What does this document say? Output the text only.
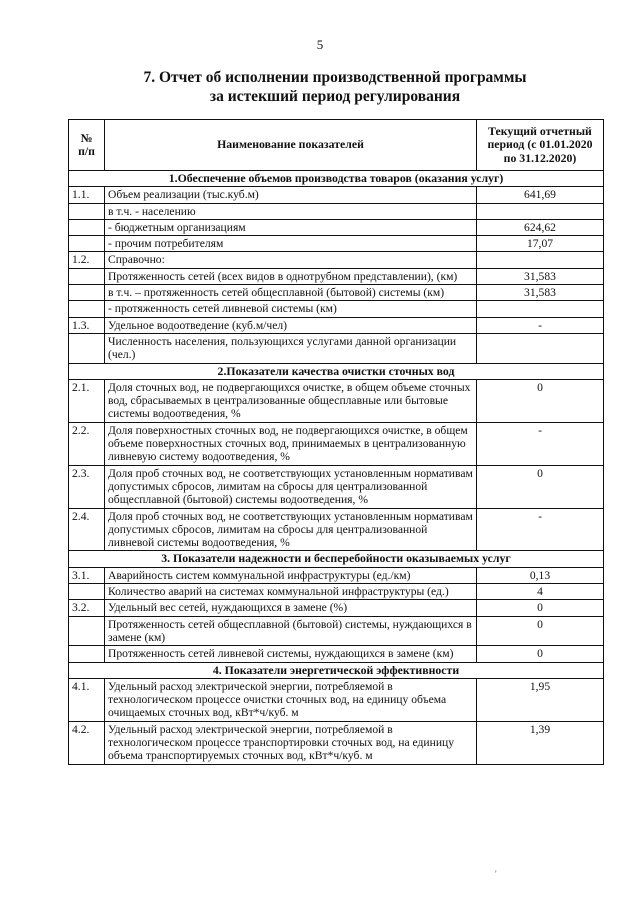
5
7. Отчет об исполнении производственной программы
за истекший период регулирования
№
п/п	Наименование показателей	Текущий отчетный
период (с 01.01.2020
по 31.12.2020)
1.Обеспечение объемов производства товаров (оказания услуг)		
1.1.	Объем реализации (тыс.куб.м)	641,69
	в т.ч. - населению	
	- бюджетным организациям	624,62
	- прочим потребителям	17,07
1.2.	Справочно:	
	Протяженность сетей (всех видов в однотрубном представлении), (км)	31,583
	в т.ч. – протяженность сетей общесплавной (бытовой) системы (км)	31,583
	- протяженность сетей ливневой системы (км)	
1.3.	Удельное водоотведение (куб.м/чел)	-
	Численность населения, пользующихся услугами данной организации (чел.)	
2.Показатели качества очистки сточных вод		
2.1.	Доля сточных вод, не подвергающихся очистке, в общем объеме сточных вод, сбрасываемых в централизованные общесплавные или бытовые системы водоотведения, %	0
2.2.	Доля поверхностных сточных вод, не подвергающихся очистке, в общем объеме поверхностных сточных вод, принимаемых в централизованную ливневую систему водоотведения, %	-
2.3.	Доля проб сточных вод, не соответствующих установленным нормативам допустимых сбросов, лимитам на сбросы для централизованной общесплавной (бытовой) системы водоотведения, %	0
2.4.	Доля проб сточных вод, не соответствующих установленным нормативам допустимых сбросов, лимитам на сбросы для централизованной ливневой системы водоотведения, %	-
3. Показатели надежности и бесперебойности оказываемых услуг		
3.1.	Аварийность систем коммунальной инфраструктуры (ед./км)	0,13
	Количество аварий на системах коммунальной инфраструктуры (ед.)	4
3.2.	Удельный вес сетей, нуждающихся в замене (%)	0
	Протяженность сетей общесплавной (бытовой) системы, нуждающихся в замене (км)	0
	Протяженность сетей ливневой системы, нуждающихся в замене (км)	0
4. Показатели энергетической эффективности		
4.1.	Удельный расход электрической энергии, потребляемой в технологическом процессе очистки сточных вод, на единицу объема очищаемых сточных вод, кВт*ч/куб. м	1,95
4.2.	Удельный расход электрической энергии, потребляемой в технологическом процессе транспортировки сточных вод, на единицу объема транспортируемых сточных вод, кВт*ч/куб. м	1,39
'
